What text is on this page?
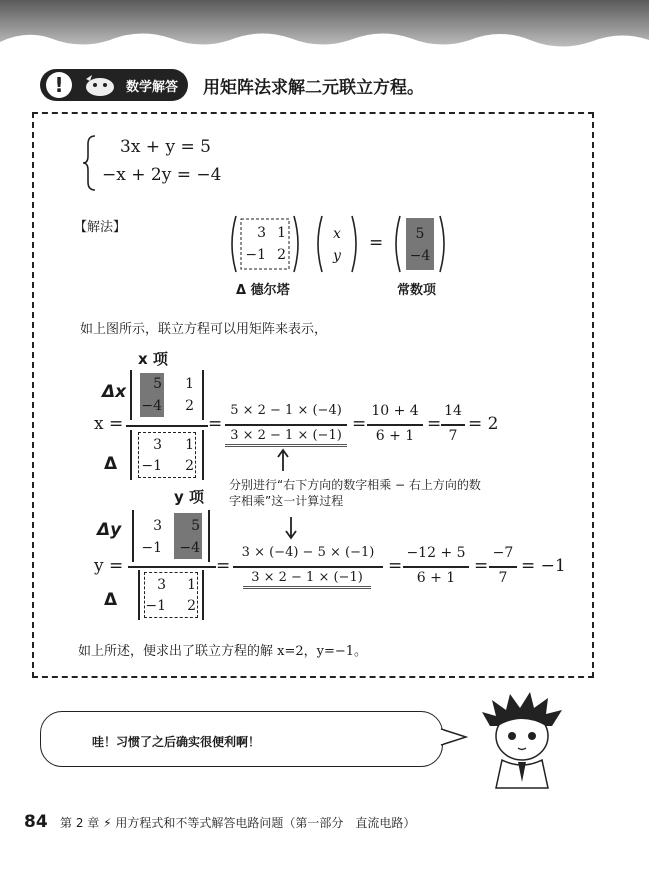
!	数学解答 用矩阵法求解二元联立方程。
3x + y = 5
−x + 2y = −4
【解法】	3 1
−1 2
x
y
=	5
−4
Δ 德尔塔	常数项
如上图所示，联立方程可以用矩阵来表示，
x 项
Δx
Δ
x =
5	1
−4	2
3	1
−1	2
=
5 × 2 − 1 × (−4)
3 × 2 − 1 × (−1)
=
10 + 4
6 + 1
=
14
7
= 2
分别进行“右下方向的数字相乘 − 右上方向的数字相乘”这一计算过程
y 项
Δy
Δ
y =
3	5
−1 −4
3	1
−1	2
=
3 × (−4) − 5 × (−1)
3 × 2 − 1 × (−1)
=
−12 + 5
6 + 1
=
−7
7
= −1
如上所述，便求出了联立方程的解 x=2，y=−1。
哇！习惯了之后确实很便利啊！
84 第 2 章 ⚡ 用方程式和不等式解答电路问题（第一部分　直流电路）
